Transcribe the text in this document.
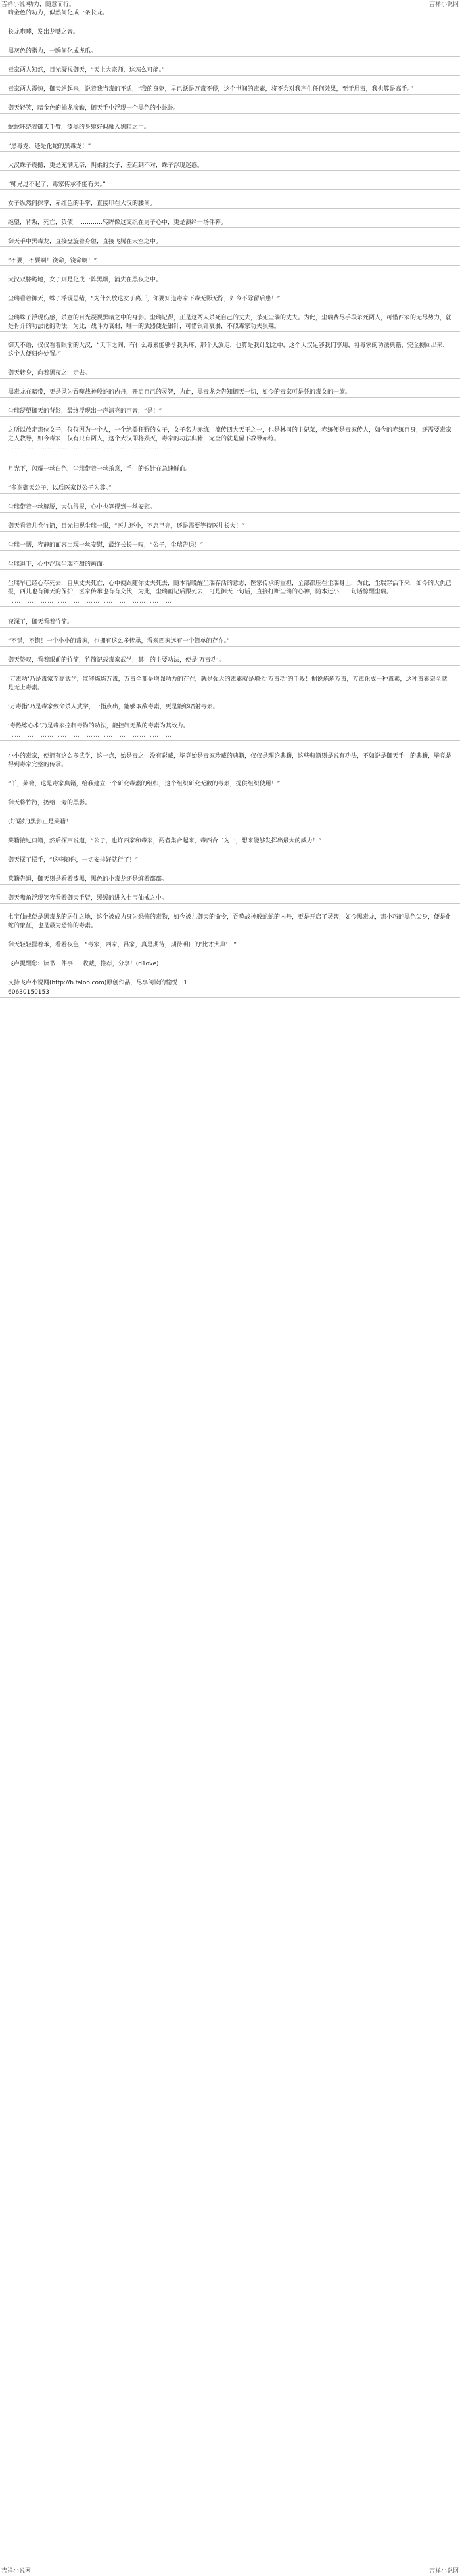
吉祥小说网
功力，随意而行。	吉祥小说网
暗金色的功力，似然间化成一条长龙。
长龙咆哮，发出龙嘴之音。
黑灰色的指力，一瞬间化成虎爪。
毒家两人知然，目光凝视御天，“天上大宗师，这怎么可能。”
毒家两人震惊，御天站起来，说着我当毒的不适，“我的身躯，早已跃是万毒不侵，这个世间的毒素，将不会对我产生任何效果，至于用毒，我也算是高手。”
御天轻笑，暗金色的抽龙渗勤，御天手中浮现一个黑色的小蛇蛇。
蛇蛇环绕着御天手臂，漆黑的身躯好似融入黑暗之中。
“黑毒龙，还是化蛇的黑毒龙！”
大汉蛛子震撼，更是充满无奈，阴柔的女子，差距到不对，蛛子浮现迷惑。
“师兄过不起了，毒家传承不能有失。”
女子纵然间探掌，赤红色的手掌，直接印在大汉的腰间。
绝望，背叛，死亡，负债……………转眸像这交织在男子心中，更是演绎一场伴幕。
御天手中黑毒龙，直接盘旋着身躯，直接飞腾在天空之中。
“不要，不要啊！饶命，饶命啊！”
大汉双膝跪地，女子则是化成一阵黑烟，消失在黑夜之中。
尘瑞看着御天，蛛子浮现思绪，“为什么放这女子离开，你要知道毒家下毒无影无踪，如今不除留后患！”
尘瑞蛛子浮现伤感，杀意的目光凝视黑暗之中的身影。尘瑞记得，正是这两人杀死自己的丈夫，杀死尘瑞的丈夫。为此，尘瑞费尽手段杀死两人，可惜西家的无尽势力，就是骨介的功法论的功法，为此，战斗力衰弱，唯一的武器便是银针，可惜银针衰弱，不似毒家功夫狠辣。
御天不语，仅仅看着眼前的大汉，“天下之间，有什么毒素能够令我头疼，那个人放走，也算是我计划之中，这个大汉足够我们享用，将毒家的功法典籍，完全掳回出来，这个人便归你处置。”
御天转身，向着黑夜之中走去。
黑毒龙在暗带，更是风为吞噬战神般蛇的内丹，开启自己的灵智，为此，黑毒龙会告知御天一切，如今的毒家可是凭的毒女的一族。
尘瑞凝望御天的背影，最终浮现出一声清亮的声音，“是！”
之所以放走那位女子，仅仅因为一个人，一个绝美狂野的女子，女子名为赤练，流传四大天王之一，也是林同的主妃菜，赤练便是毒家传人，如今的赤练自身，还需要毒家之人教导，如今毒家，仅有只有两人，这个大汉即将殒灭，毒家的功法典籍，完全的就是留下教导赤练。
……………………………………………………………………
月光下，闪耀一丝白色，尘瑞带着一丝杀意，手中的银针在急速鲜血。
“多谢御天公子，以后医家以公子为尊。”
尘瑞带着一丝解脱，大仇得报，心中也算得到一丝安慰。
御天看着几卷竹简，目光扫视尘瑞一眼，“医儿还小，不忠已完，还是需要等待医儿长大！”
尘瑞一愣，容静的面容出现一丝安慰，最终长长一叹，“公子，尘瑞告退！”
尘瑞退下，心中浮现尘瑞不甜的画面。
尘瑞早已经心存死去，自从丈夫死亡，心中便跟随你丈夫死去，随本帮晚醒尘瑞存活的意志，医家传承的重担，全部都压在尘瑞身上，为此，尘瑞穿活下来，如今的大仇已报，西儿也有御天的保护，医家传承也有有交代，为此，尘瑞画记后跟死去，可是御天一句话，直接打断尘瑞的心神，随本还小，一句话惊醒尘瑞。
……………………………………………………………………
夜深了，御天看着竹简。
“不错，不错！一个小小的毒家，也拥有这么多传承，看来西家远有一个简单的存在。”
御天赞叹，看着眼前的竹简，竹简记载毒家武学，其中的主要功法，便是‘万毒功’。
‘万毒功’乃是毒家至高武学，能够炼炼万毒，万毒全都是增强功力的存在，就是强大的毒素就是增强‘万毒功’的手段！据说炼炼万毒，万毒化成一种毒素，这种毒素完全就是无上毒素。
‘万毒指’乃是毒家致命杀人武学，一指点出，能够取敌毒素，更是能够喷射毒素。
‘毒热练心术’乃是毒家控制毒物的功法，能控制无数的毒素为其效力。
……………………………………………………………………
小小的毒家，便拥有这么多武学，这一点，始是毒之中没有彩藏，毕竟始是毒家珍藏的典籍，仅仅是理论典籍，这些典籍则是说有功法，不如说是御天手中的典籍，毕竟是得到毒家完整的传承。
“丫，莱籍，这是毒家典籍，给我建立一个研究毒素的组织，这个组织研究无数的毒素，提供组织使用！”
御天将竹简，扔给一旁的黑影。
(好诺好)黑影正是莱籍！
莱籍接过典籍，然后探声说道，“公子，也许西家和毒家，两者集合起来，毒西合二为一，想来能够发挥出最大的威力！”
御天摆了摆手，“这些随你，一切安排好就行了！”
莱籍告退，御天则是看着漆黑，黑色的小毒龙还是缠着郡郡。
御天嘴角浮现笑容看着御天手臂，缓缓的进入七宝仙戒之中。
七宝仙戒便是黑毒龙的居住之地，这个被成为身为恐怖的毒物，如今被儿御天的命令，吞噬战神般蛇蛇的内丹，更是开启了灵智，如今黑毒龙，那小巧的黑色尖身，便是化蛇的象征，也是最为恐怖的毒素。
御天轻轻握着苯，看着夜色，“毒家，西家，吕家，真是期待，期待明日的‘比才大典’！”
飞卢提醒您：读书三件事 － 收藏，推荐，分享！(d1ove)
支持飞卢小说网(http://b.faloo.com)原创作品，尽享阅读的愉悦！1
60630150153
吉祥小说网	吉祥小说网
